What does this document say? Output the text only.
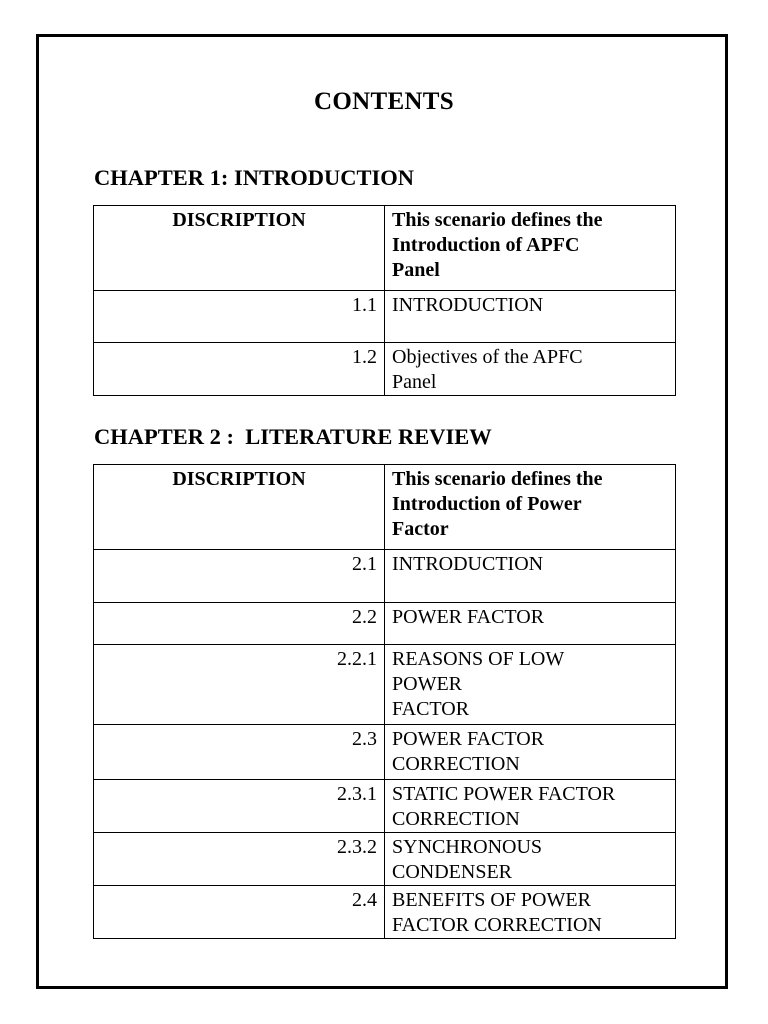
CONTENTS
CHAPTER 1: INTRODUCTION
DISCRIPTION	This scenario defines the
Introduction of APFC
Panel
1.1	INTRODUCTION
1.2	Objectives of the APFC
Panel
CHAPTER 2 :  LITERATURE REVIEW
DISCRIPTION	This scenario defines the
Introduction of Power
Factor
2.1	INTRODUCTION
2.2	POWER FACTOR
2.2.1	REASONS OF LOW
POWER
FACTOR
2.3	POWER FACTOR
CORRECTION
2.3.1	STATIC POWER FACTOR
CORRECTION
2.3.2	SYNCHRONOUS
CONDENSER
2.4	BENEFITS OF POWER
FACTOR CORRECTION
